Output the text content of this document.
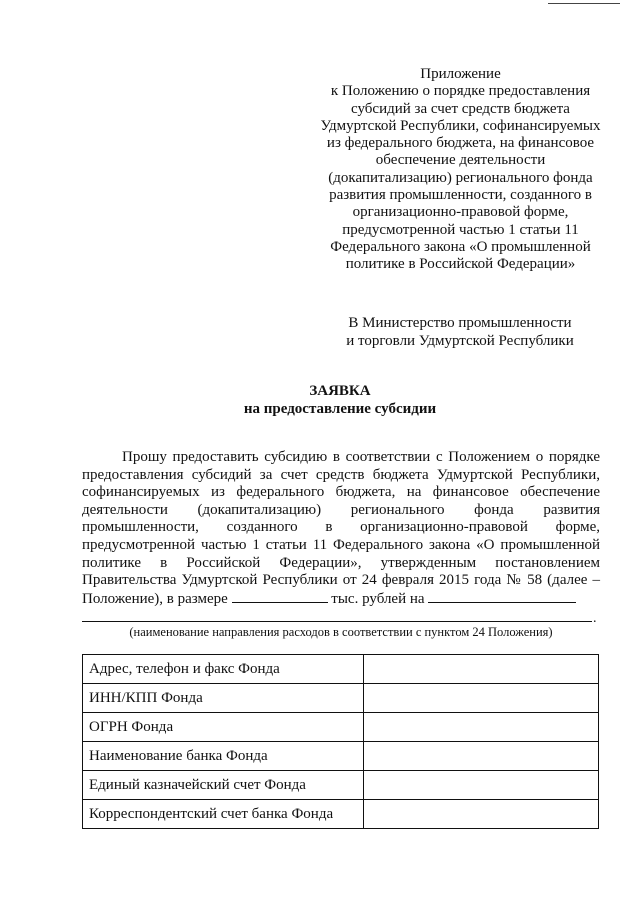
Приложение
к Положению о порядке предоставления
субсидий за счет средств бюджета
Удмуртской Республики, софинансируемых
из федерального бюджета, на финансовое
обеспечение деятельности
(докапитализацию) регионального фонда
развития промышленности, созданного в
организационно-правовой форме,
предусмотренной частью 1 статьи 11
Федерального закона «О промышленной
политике в Российской Федерации»
В Министерство промышленности
и торговли Удмуртской Республики
ЗАЯВКА
на предоставление субсидии
Прошу предоставить субсидию в соответствии с Положением о порядке предоставления субсидий за счет средств бюджета Удмуртской Республики, софинансируемых из федерального бюджета, на финансовое обеспечение деятельности (докапитализацию) регионального фонда развития промышленности, созданного в организационно-правовой форме, предусмотренной частью 1 статьи 11 Федерального закона «О промышленной политике в Российской Федерации», утвержденным постановлением Правительства Удмуртской Республики от 24 февраля 2015 года № 58 (далее – Положение), в размере	тыс. рублей на
.
(наименование направления расходов в соответствии с пунктом 24 Положения)
Адрес, телефон и факс Фонда	
ИНН/КПП Фонда	
ОГРН Фонда	
Наименование банка Фонда	
Единый казначейский счет Фонда	
Корреспондентский счет банка Фонда	
